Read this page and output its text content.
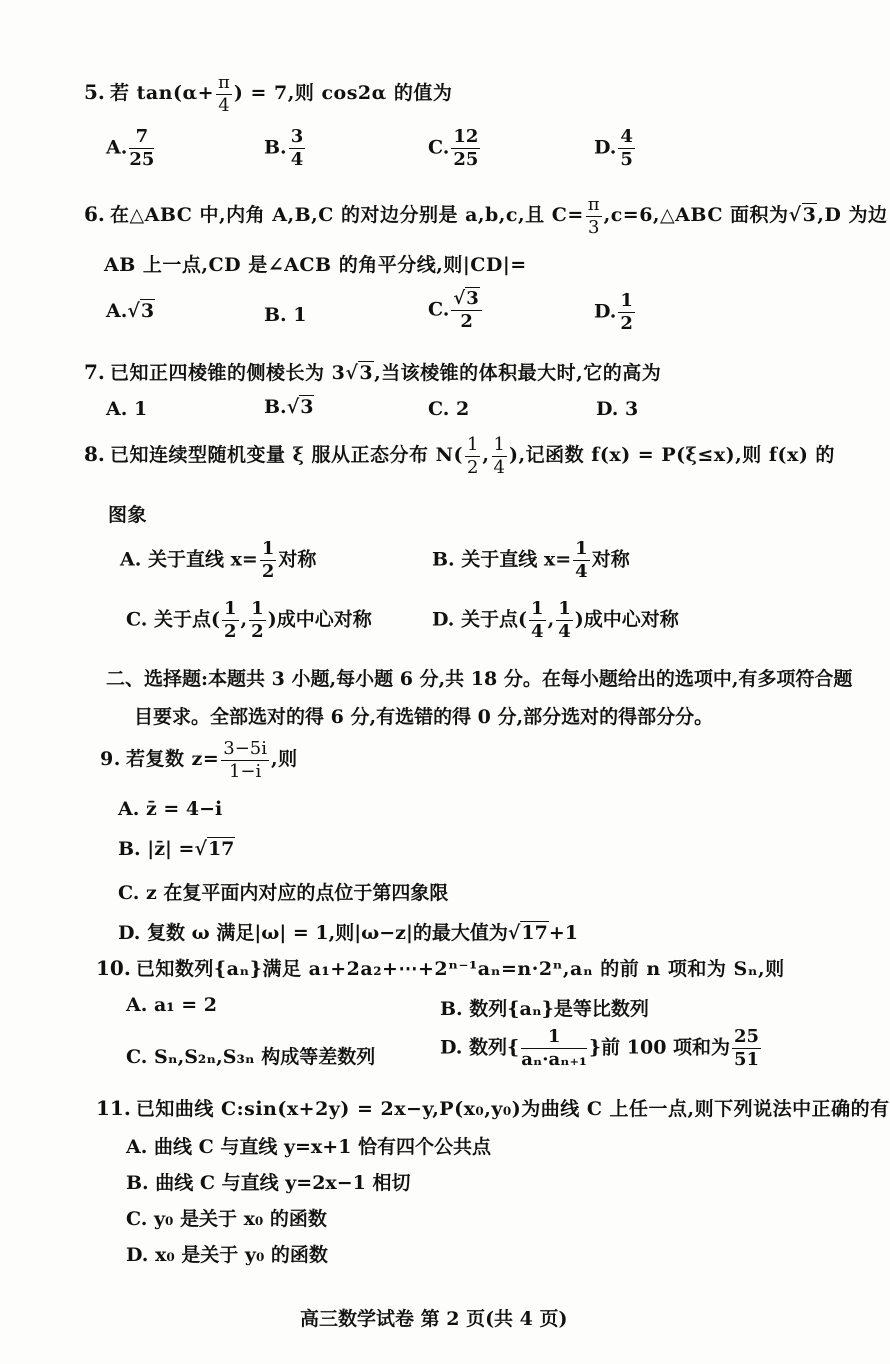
5. 若 $\tan(\alpha+ \frac{\pi}{4}$ ) = 7,则 cos2α 的值为
A. $\frac{7}{25}$	B. $\frac{3}{4}$	C. $\frac{12}{25}$	D. $\frac{4}{5}$
6. 在△ABC 中,内角 A,B,C 的对边分别是 a,b,c,且 $C= \frac{\pi}{3}$ ,c=6,△ABC 面积为√3,D 为边
AB 上一点,CD 是∠ACB 的角平分线,则|CD|=
A.√3	B. 1	C. $\frac{√3}{2}$	D. $\frac{1}{2}$
7. 已知正四棱锥的侧棱长为 3√3,当该棱锥的体积最大时,它的高为
A. 1	B.√3	C. 2	D. 3
8. 已知连续型随机变量 ξ 服从正态分布 $N( \frac{1}{2}$ , $\frac{1}{4}$ ),记函数 f(x) = P(ξ≤x),则 f(x) 的
图象
A. 关于直线 $x= \frac{1}{2}$ 对称	B. 关于直线 $x= \frac{1}{4}$ 对称
C. 关于点( $\frac{1}{2}$ , $\frac{1}{2}$ )成中心对称	D. 关于点( $\frac{1}{4}$ , $\frac{1}{4}$ )成中心对称
二、选择题:本题共 3 小题,每小题 6 分,共 18 分。在每小题给出的选项中,有多项符合题
目要求。全部选对的得 6 分,有选错的得 0 分,部分选对的得部分分。
9. 若复数 $z= \frac{3-5i}{1-i}$ ,则
A. z̄ = 4−i
B. |z̄| =√17
C. z 在复平面内对应的点位于第四象限
D. 复数 ω 满足|ω| = 1,则|ω−z|的最大值为√17+1
10. 已知数列{aₙ}满足 a₁+2a₂+⋯+2ⁿ⁻¹aₙ=n·2ⁿ,aₙ 的前 n 项和为 Sₙ,则
A. a₁ = 2	B. 数列{aₙ}是等比数列
C. Sₙ,S₂ₙ,S₃ₙ 构成等差数列	D. 数列{ $\frac{1}{\text{aₙ·aₙ₊₁}}$ }前 100 项和为 $\frac{25}{51}$
11. 已知曲线 C:sin(x+2y) = 2x−y,P(x₀,y₀)为曲线 C 上任一点,则下列说法中正确的有
A. 曲线 C 与直线 y=x+1 恰有四个公共点
B. 曲线 C 与直线 y=2x−1 相切
C. y₀ 是关于 x₀ 的函数
D. x₀ 是关于 y₀ 的函数
高三数学试卷 第 2 页(共 4 页)
